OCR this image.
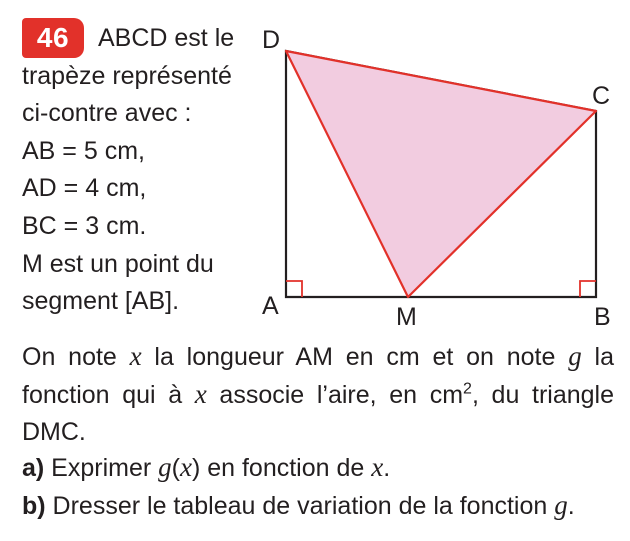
46	ABCD est le
trapèze représenté
ci-contre avec :
AB = 5 cm,
AD = 4 cm,
BC = 3 cm.
M est un point du
segment [AB].

D
C
A	M	B

On note x la longueur AM en cm et on note g la fonction qui à x associe l’aire, en $cm^2$, du triangle DMC.

a) Exprimer g(x) en fonction de x.

b) Dresser le tableau de variation de la fonction g.
